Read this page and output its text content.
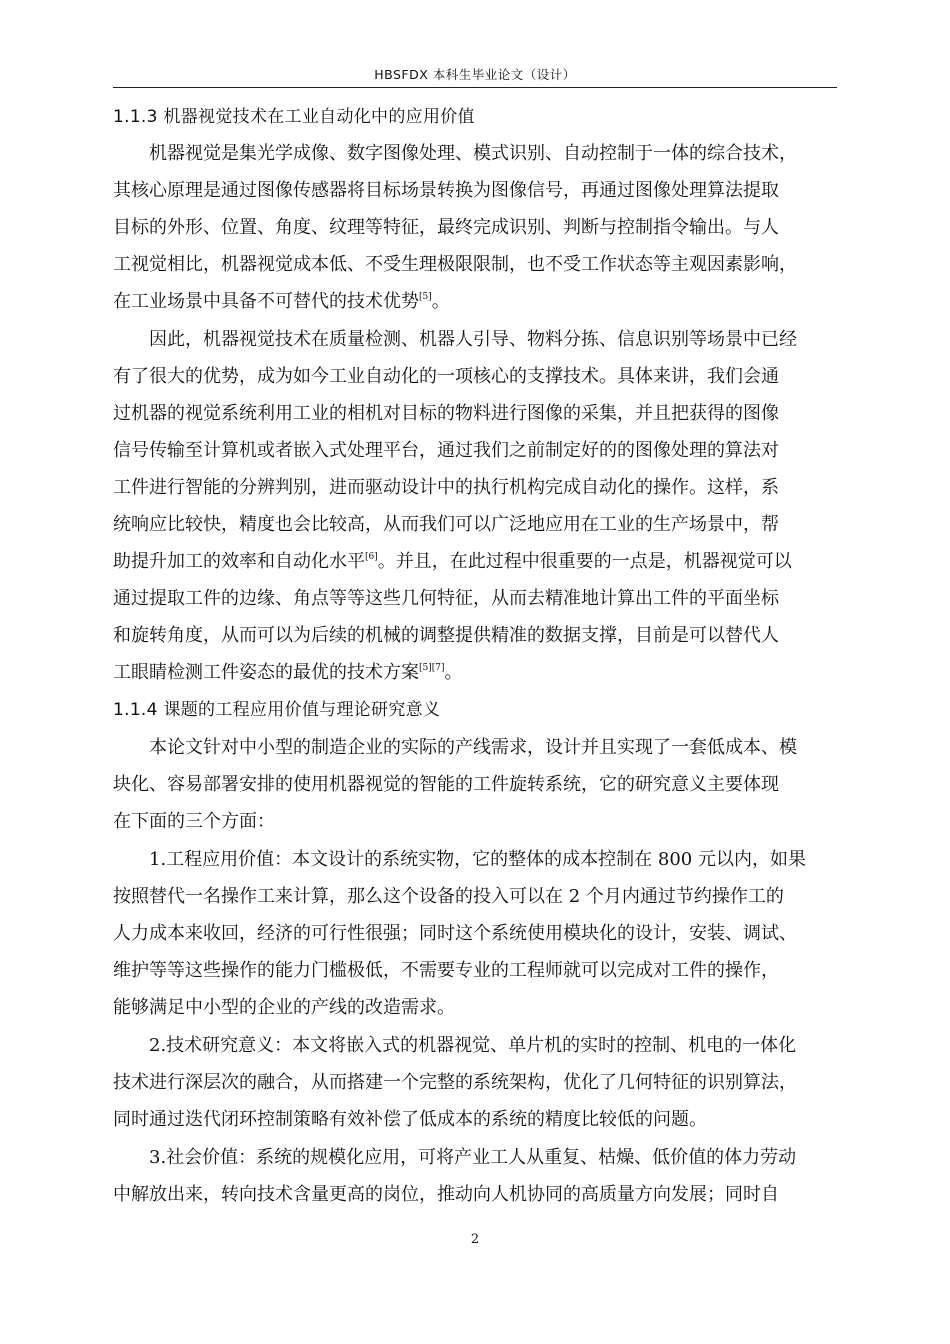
HBSFDX 本科生毕业论文（设计）
1.1.3 机器视觉技术在工业自动化中的应用价值
机器视觉是集光学成像、数字图像处理、模式识别、自动控制于一体的综合技术，
其核心原理是通过图像传感器将目标场景转换为图像信号，再通过图像处理算法提取
目标的外形、位置、角度、纹理等特征，最终完成识别、判断与控制指令输出。与人
工视觉相比，机器视觉成本低、不受生理极限限制，也不受工作状态等主观因素影响，
在工业场景中具备不可替代的技术优势[5]。
因此，机器视觉技术在质量检测、机器人引导、物料分拣、信息识别等场景中已经
有了很大的优势，成为如今工业自动化的一项核心的支撑技术。具体来讲，我们会通
过机器的视觉系统利用工业的相机对目标的物料进行图像的采集，并且把获得的图像
信号传输至计算机或者嵌入式处理平台，通过我们之前制定好的的图像处理的算法对
工件进行智能的分辨判别，进而驱动设计中的执行机构完成自动化的操作。这样，系
统响应比较快，精度也会比较高，从而我们可以广泛地应用在工业的生产场景中，帮
助提升加工的效率和自动化水平[6]。并且，在此过程中很重要的一点是，机器视觉可以
通过提取工件的边缘、角点等等这些几何特征，从而去精准地计算出工件的平面坐标
和旋转角度，从而可以为后续的机械的调整提供精准的数据支撑，目前是可以替代人
工眼睛检测工件姿态的最优的技术方案[5][7]。
1.1.4 课题的工程应用价值与理论研究意义
本论文针对中小型的制造企业的实际的产线需求，设计并且实现了一套低成本、模
块化、容易部署安排的使用机器视觉的智能的工件旋转系统，它的研究意义主要体现
在下面的三个方面：
1.工程应用价值：本文设计的系统实物，它的整体的成本控制在 800 元以内，如果
按照替代一名操作工来计算，那么这个设备的投入可以在 2 个月内通过节约操作工的
人力成本来收回，经济的可行性很强；同时这个系统使用模块化的设计，安装、调试、
维护等等这些操作的能力门槛极低，不需要专业的工程师就可以完成对工件的操作，
能够满足中小型的企业的产线的改造需求。
2.技术研究意义：本文将嵌入式的机器视觉、单片机的实时的控制、机电的一体化
技术进行深层次的融合，从而搭建一个完整的系统架构，优化了几何特征的识别算法，
同时通过迭代闭环控制策略有效补偿了低成本的系统的精度比较低的问题。
3.社会价值：系统的规模化应用，可将产业工人从重复、枯燥、低价值的体力劳动
中解放出来，转向技术含量更高的岗位，推动向人机协同的高质量方向发展；同时自
2
